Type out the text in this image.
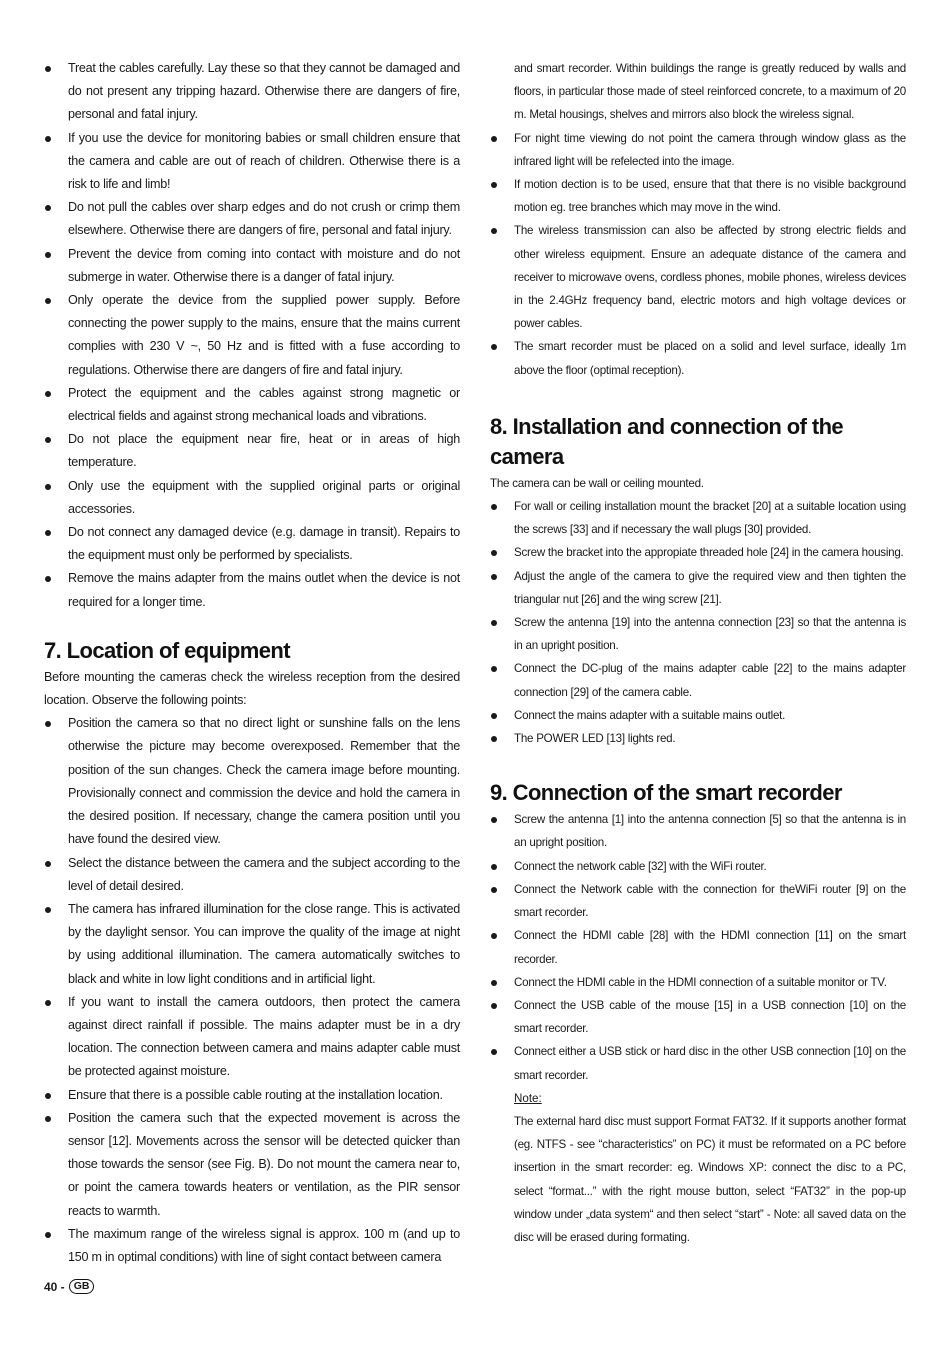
Treat the cables carefully. Lay these so that they cannot be damaged and do not present any tripping hazard. Otherwise there are dangers of fire, personal and fatal injury.
If you use the device for monitoring babies or small children ensure that the camera and cable are out of reach of children. Otherwise there is a risk to life and limb!
Do not pull the cables over sharp edges and do not crush or crimp them elsewhere. Otherwise there are dangers of fire, personal and fatal injury.
Prevent the device from coming into contact with moisture and do not submerge in water. Otherwise there is a danger of fatal injury.
Only operate the device from the supplied power supply. Before connecting the power supply to the mains, ensure that the mains current complies with 230 V ~, 50 Hz and is fitted with a fuse according to regulations. Otherwise there are dangers of fire and fatal injury.
Protect the equipment and the cables against strong magnetic or electrical fields and against strong mechanical loads and vibrations.
Do not place the equipment near fire, heat or in areas of high temperature.
Only use the equipment with the supplied original parts or original accessories.
Do not connect any damaged device (e.g. damage in transit). Repairs to the equipment must only be performed by specialists.
Remove the mains adapter from the mains outlet when the device is not required for a longer time.
7. Location of equipment

Before mounting the cameras check the wireless reception from the desired location. Observe the following points:

Position the camera so that no direct light or sunshine falls on the lens otherwise the picture may become overexposed. Remember that the position of the sun changes. Check the camera image before mounting. Provisionally connect and commission the device and hold the camera in the desired position. If necessary, change the camera position until you have found the desired view.
Select the distance between the camera and the subject according to the level of detail desired.
The camera has infrared illumination for the close range. This is activated by the daylight sensor. You can improve the quality of the image at night by using additional illumination. The camera automatically switches to black and white in low light conditions and in artificial light.
If you want to install the camera outdoors, then protect the camera against direct rainfall if possible. The mains adapter must be in a dry location. The connection between camera and mains adapter cable must be protected against moisture.
Ensure that there is a possible cable routing at the installation location.
Position the camera such that the expected movement is across the sensor [12]. Movements across the sensor will be detected quicker than those towards the sensor (see Fig. B). Do not mount the camera near to, or point the camera towards heaters or ventilation, as the PIR sensor reacts to warmth.
The maximum range of the wireless signal is approx. 100 m (and up to 150 m in optimal conditions) with line of sight contact between camera

and smart recorder. Within buildings the range is greatly reduced by walls and floors, in particular those made of steel reinforced concrete, to a maximum of 20 m. Metal housings, shelves and mirrors also block the wireless signal.

For night time viewing do not point the camera through window glass as the infrared light will be refelected into the image.
If motion dection is to be used, ensure that that there is no visible background motion eg. tree branches which may move in the wind.
The wireless transmission can also be affected by strong electric fields and other wireless equipment. Ensure an adequate distance of the camera and receiver to microwave ovens, cordless phones, mobile phones, wireless devices in the 2.4GHz frequency band, electric motors and high voltage devices or power cables.
The smart recorder must be placed on a solid and level surface, ideally 1m above the floor (optimal reception).
8. Installation and connection of the camera

The camera can be wall or ceiling mounted.

For wall or ceiling installation mount the bracket [20] at a suitable location using the screws [33] and if necessary the wall plugs [30] provided.
Screw the bracket into the appropiate threaded hole [24] in the camera housing.
Adjust the angle of the camera to give the required view and then tighten the triangular nut [26] and the wing screw [21].
Screw the antenna [19] into the antenna connection [23] so that the antenna is in an upright position.
Connect the DC-plug of the mains adapter cable [22] to the mains adapter connection [29] of the camera cable.
Connect the mains adapter with a suitable mains outlet.
The POWER LED [13] lights red.
9. Connection of the smart recorder
Screw the antenna [1] into the antenna connection [5] so that the antenna is in an upright position.
Connect the network cable [32] with the WiFi router.
Connect the Network cable with the connection for theWiFi router [9] on the smart recorder.
Connect the HDMI cable [28] with the HDMI connection [11] on the smart recorder.
Connect the HDMI cable in the HDMI connection of a suitable monitor or TV.
Connect the USB cable of the mouse [15] in a USB connection [10] on the smart recorder.
Connect either a USB stick or hard disc in the other USB connection [10] on the smart recorder.

Note:

The external hard disc must support Format FAT32. If it supports another format (eg. NTFS - see “characteristics” on PC) it must be reformated on a PC before insertion in the smart recorder: eg. Windows XP: connect the disc to a PC, select “format...” with the right mouse button, select “FAT32” in the pop-up window under „data system“ and then select “start” - Note: all saved data on the disc will be erased during formating.

40 - GB
